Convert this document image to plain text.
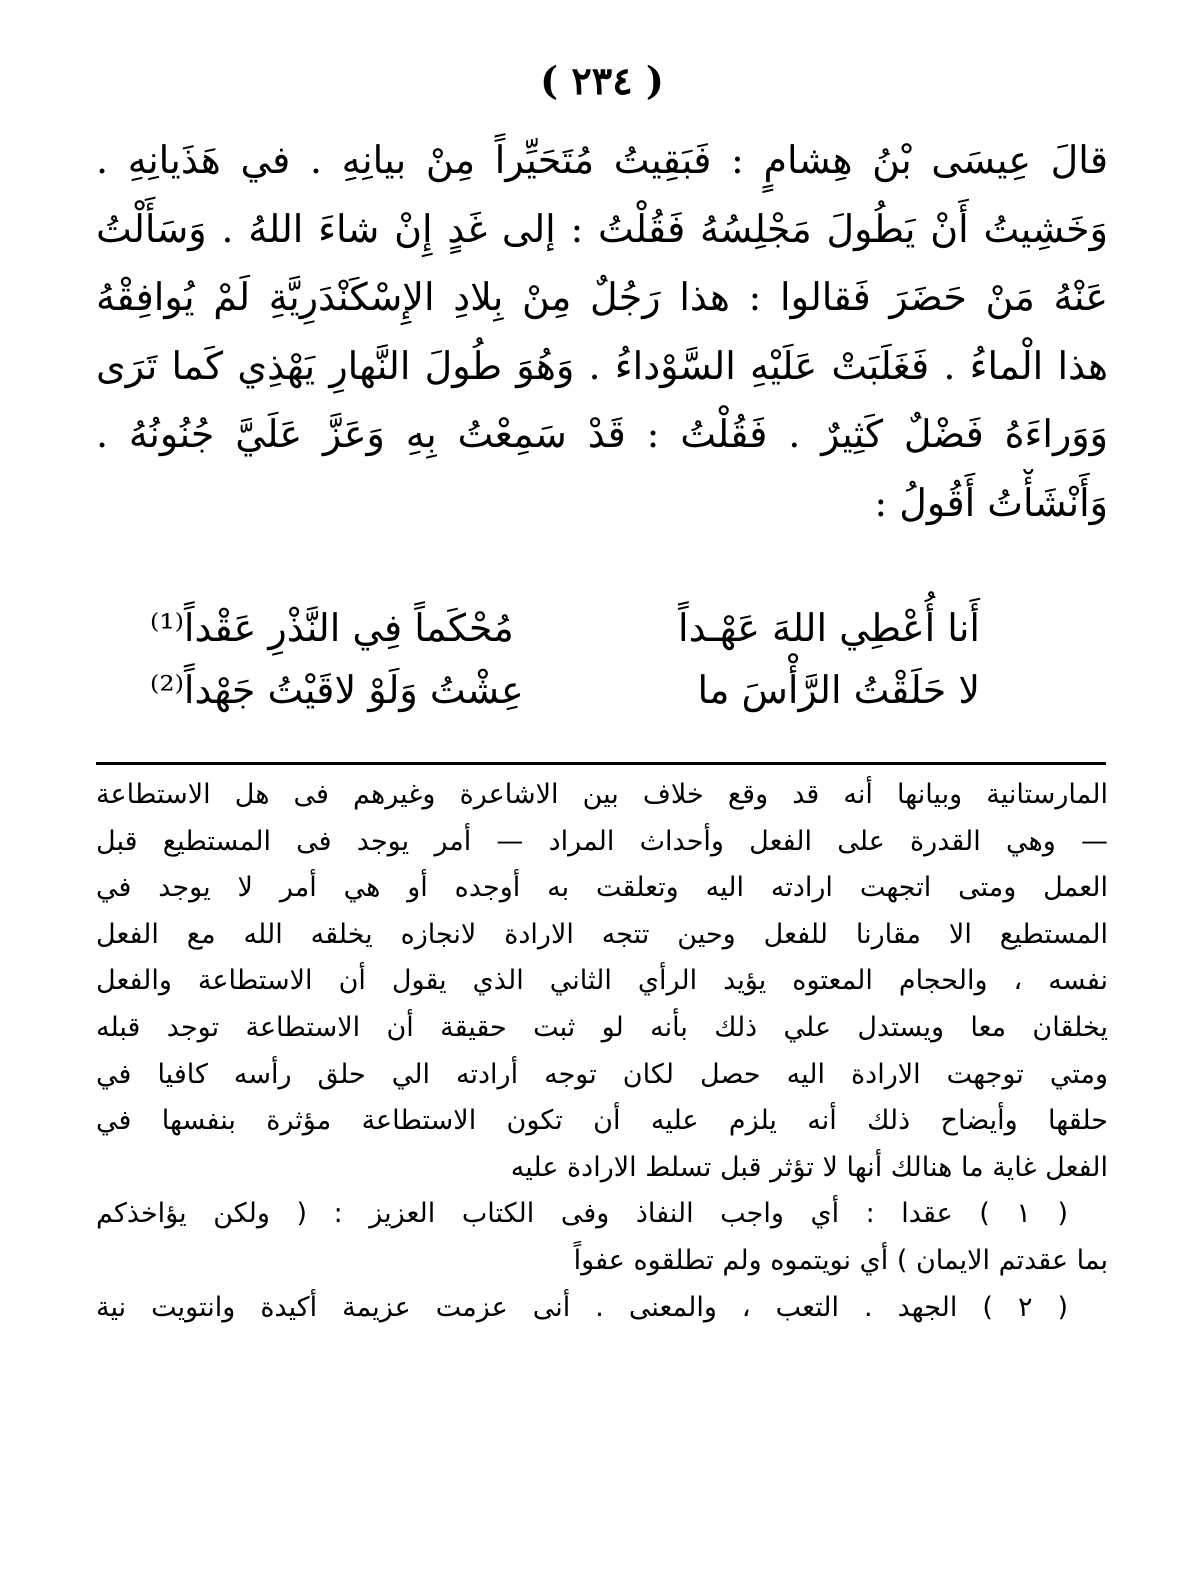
( ٢٣٤ )
قالَ عِيسَى بْنُ هِشامٍ : فَبَقِيتُ مُتَحَيِّراً مِنْ بيانِهِ . في هَذَيانِهِ .
وَخَشِيتُ أَنْ يَطُولَ مَجْلِسُهُ فَقُلْتُ : إلى غَدٍ إِنْ شاءَ اللهُ . وَسَأَلْتُ
عَنْهُ مَنْ حَضَرَ فَقالوا : هذا رَجُلٌ مِنْ بِلادِ الإِسْكَنْدَرِيَّةِ لَمْ يُوافِقْهُ
هذا الْماءُ . فَغَلَبَتْ عَلَيْهِ السَّوْداءُ . وَهُوَ طُولَ النَّهارِ يَهْذِي كَما تَرَى
وَوَراءَهُ فَضْلٌ كَثِيرٌ . فَقُلْتُ : قَدْ سَمِعْتُ بِهِ وَعَزَّ عَلَيَّ جُنُونُهُ .
وَأَنْشَأْتُ أَقُولُ :
أَنا أُعْطِي اللهَ عَهْـداً
مُحْكَماً فِي النَّذْرِ عَقْداً⁽¹⁾
لا حَلَقْتُ الرَّأْسَ ما
عِشْتُ وَلَوْ لاقَيْتُ جَهْداً⁽²⁾
المارستانية وبيانها أنه قد وقع خلاف بين الاشاعرة وغيرهم فى هل الاستطاعة
— وهي القدرة على الفعل وأحداث المراد — أمر يوجد فى المستطيع قبل
العمل ومتى اتجهت ارادته اليه وتعلقت به أوجده أو هي أمر لا يوجد في
المستطيع الا مقارنا للفعل وحين تتجه الارادة لانجازه يخلقه الله مع الفعل
نفسه ، والحجام المعتوه يؤيد الرأي الثاني الذي يقول أن الاستطاعة والفعل
يخلقان معا ويستدل علي ذلك بأنه لو ثبت حقيقة أن الاستطاعة توجد قبله
ومتي توجهت الارادة اليه حصل لكان توجه أرادته الي حلق رأسه كافيا في
حلقها وأيضاح ذلك أنه يلزم عليه أن تكون الاستطاعة مؤثرة بنفسها في
الفعل غاية ما هنالك أنها لا تؤثر قبل تسلط الارادة عليه
( ١ ) عقدا : أي واجب النفاذ وفى الكتاب العزيز : ( ولكن يؤاخذكم
بما عقدتم الايمان ) أي نويتموه ولم تطلقوه عفواً
( ٢ ) الجهد . التعب ، والمعنى . أنى عزمت عزيمة أكيدة وانتويت نية
